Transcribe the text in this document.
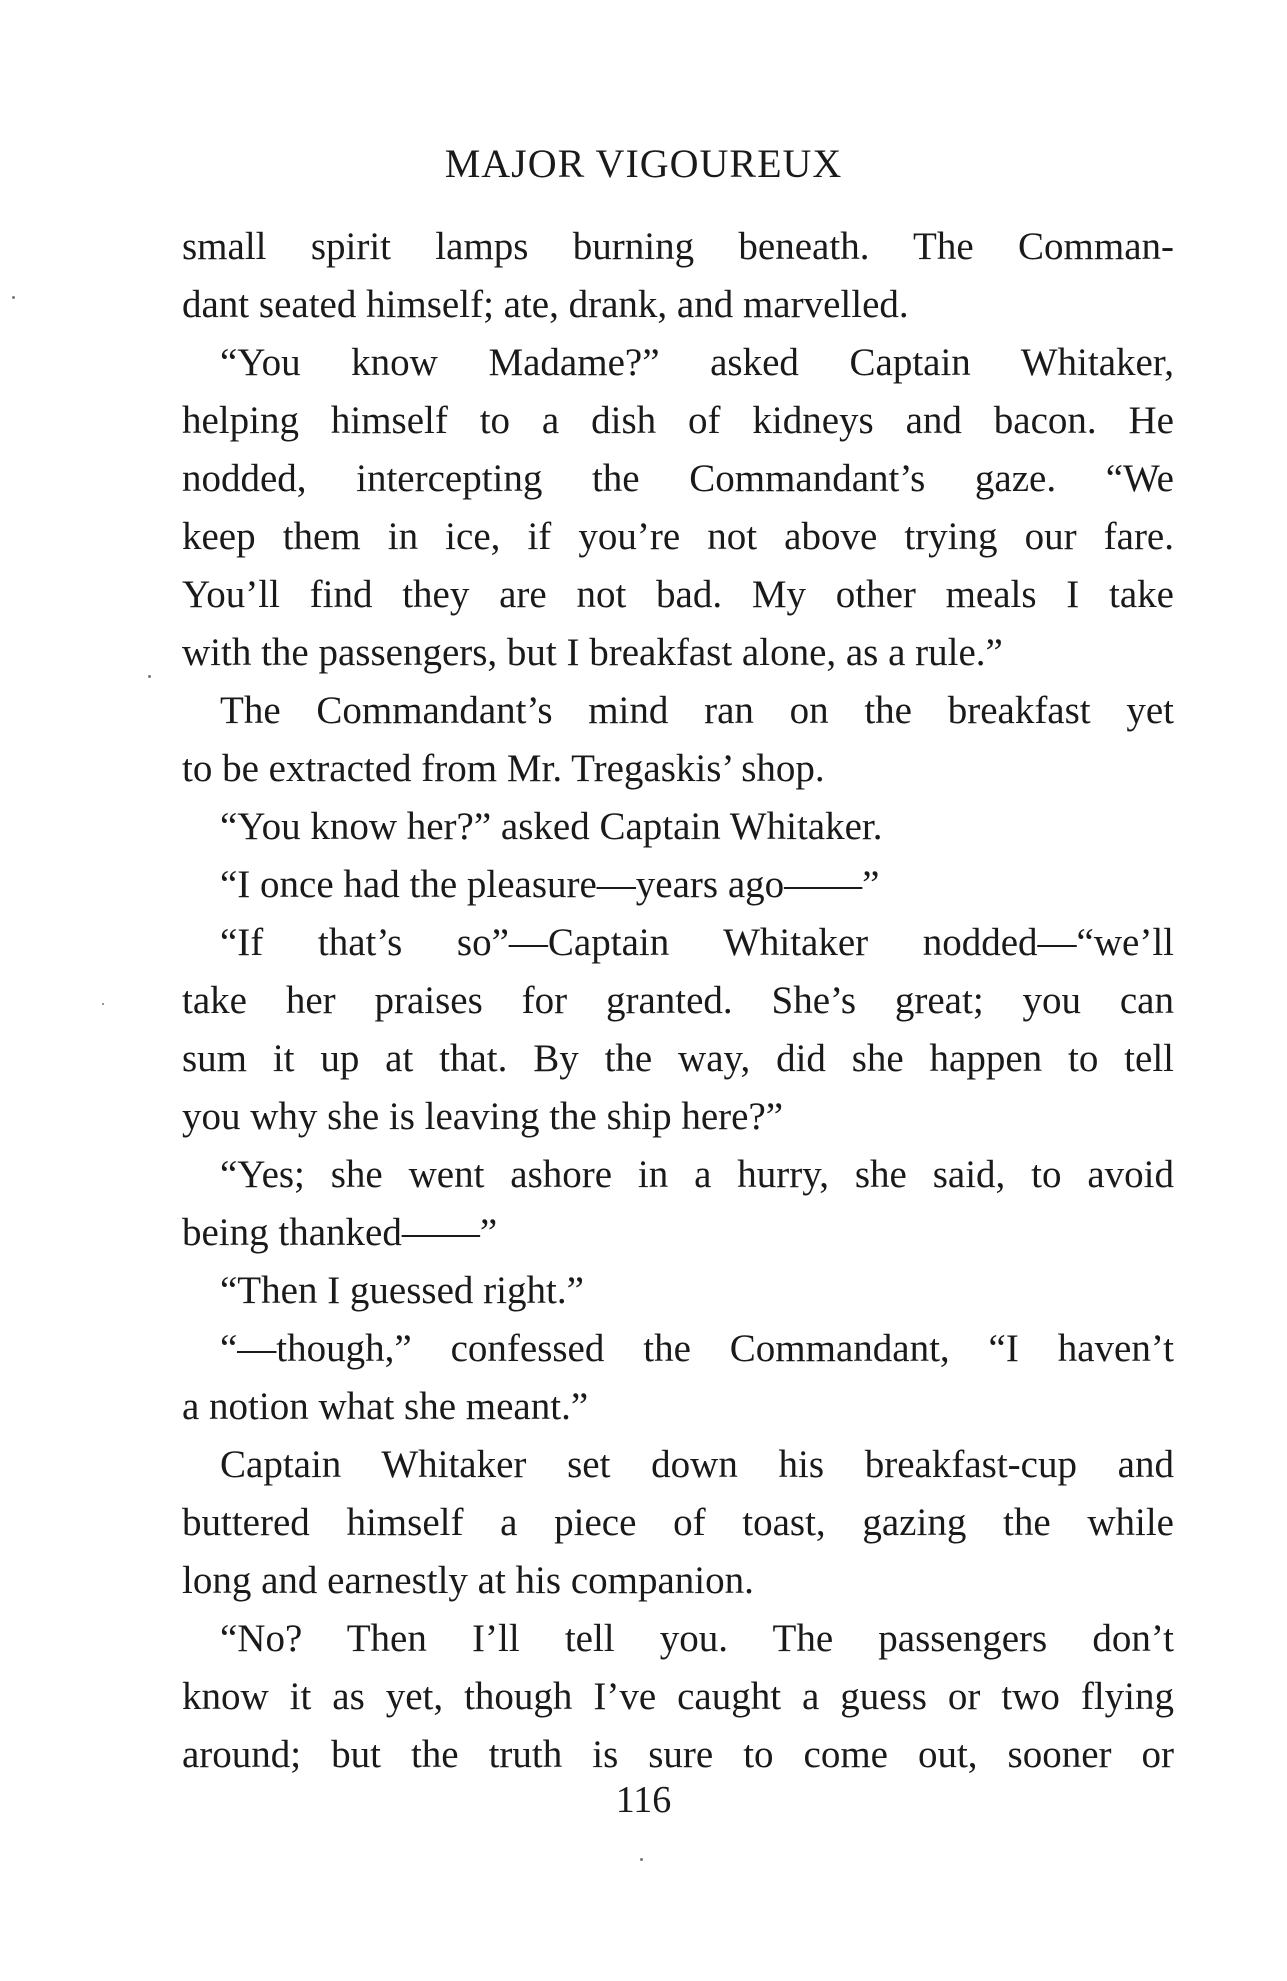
MAJOR VIGOUREUX
small spirit lamps burning beneath. The Comman-
dant seated himself; ate, drank, and marvelled.
“You know Madame?” asked Captain Whitaker,
helping himself to a dish of kidneys and bacon. He
nodded, intercepting the Commandant’s gaze. “We
keep them in ice, if you’re not above trying our fare.
You’ll find they are not bad. My other meals I take
with the passengers, but I breakfast alone, as a rule.”
The Commandant’s mind ran on the breakfast yet
to be extracted from Mr. Tregaskis’ shop.
“You know her?” asked Captain Whitaker.
“I once had the pleasure—years ago——”
“If that’s so”—Captain Whitaker nodded—“we’ll
take her praises for granted. She’s great; you can
sum it up at that. By the way, did she happen to tell
you why she is leaving the ship here?”
“Yes; she went ashore in a hurry, she said, to avoid
being thanked——”
“Then I guessed right.”
“—though,” confessed the Commandant, “I haven’t
a notion what she meant.”
Captain Whitaker set down his breakfast-cup and
buttered himself a piece of toast, gazing the while
long and earnestly at his companion.
“No? Then I’ll tell you. The passengers don’t
know it as yet, though I’ve caught a guess or two flying
around; but the truth is sure to come out, sooner or
116
